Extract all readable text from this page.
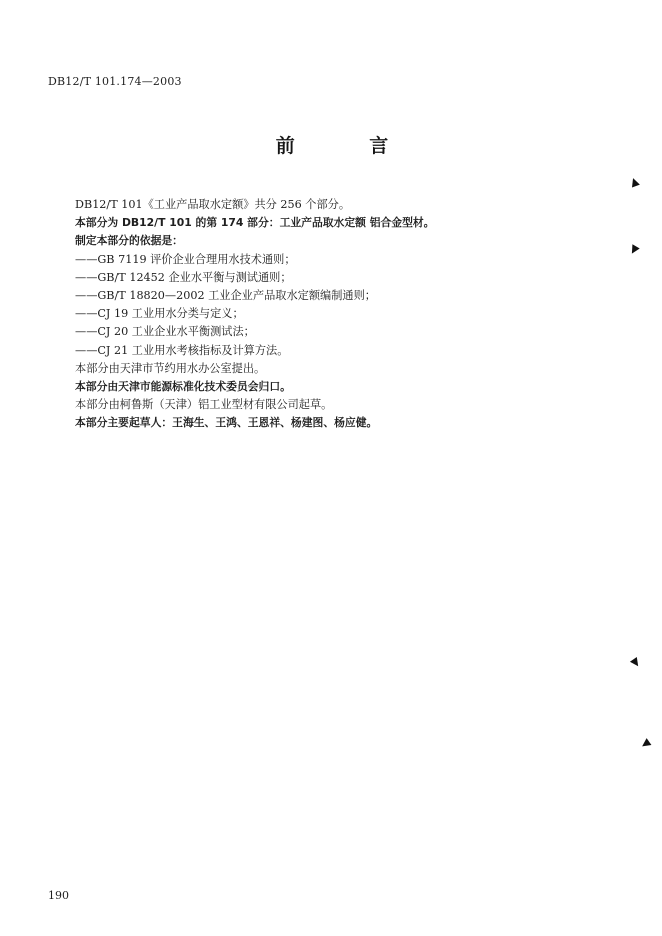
DB12/T 101.174—2003
前 言
DB12/T 101《工业产品取水定额》共分 256 个部分。
本部分为 DB12/T 101 的第 174 部分：工业产品取水定额 铝合金型材。
制定本部分的依据是：
——GB 7119 评价企业合理用水技术通则；
——GB/T 12452 企业水平衡与测试通则；
——GB/T 18820—2002 工业企业产品取水定额编制通则；
——CJ 19 工业用水分类与定义；
——CJ 20 工业企业水平衡测试法；
——CJ 21 工业用水考核指标及计算方法。
本部分由天津市节约用水办公室提出。
本部分由天津市能源标准化技术委员会归口。
本部分由柯鲁斯（天津）铝工业型材有限公司起草。
本部分主要起草人：王海生、王鸿、王恩祥、杨建图、杨应健。
190
▲
▼
▶
◀
